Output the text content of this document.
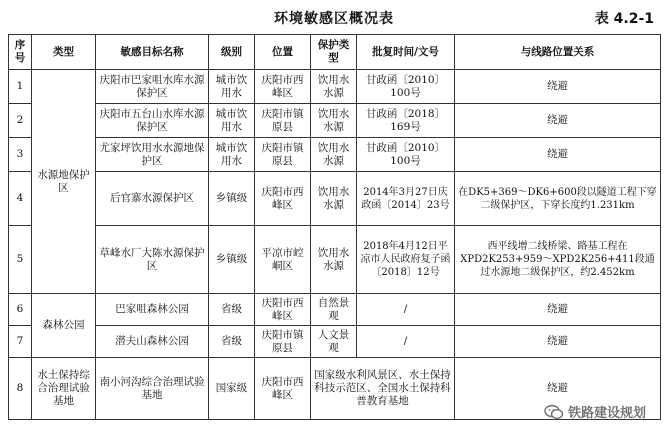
环境敏感区概况表	表 4.2-1
序号	类型	敏感目标名称	级别	位置	保护类型	批复时间/文号	与线路位置关系
1	水源地保护区	庆阳市巴家咀水库水源保护区	城市饮用水	庆阳市西峰区	饮用水水源	甘政函〔2010〕100号	绕避
2		庆阳市五台山水库水源保护区	城市饮用水	庆阳市镇原县	饮用水水源	甘政函〔2018〕169号	绕避
3		尤家坪饮用水水源地保护区	城市饮用水	庆阳市镇原县	饮用水水源	甘政函〔2010〕100号	绕避
4		后官寨水源保护区	乡镇级	庆阳市西峰区	饮用水水源	2014年3月27日庆政函〔2014〕23号	在DK5+369～DK6+600段以隧道工程下穿二级保护区，下穿长度约1.231km
5		草峰水厂大陈水源保护区	乡镇级	平凉市崆峒区	饮用水水源	2018年4月12日平凉市人民政府复子函〔2018〕12号	西平线增二线桥梁、路基工程在XPD2K253+959～XPD2K256+411段通过水源地二级保护区，约2.452km
6	森林公园	巴家咀森林公园	省级	庆阳市西峰区	自然景观	/	绕避
7		潜夫山森林公园	省级	庆阳市镇原县	人文景观	/	绕避
8	水土保持综合治理试验基地	南小河沟综合治理试验基地	国家级	庆阳市西峰区	国家级水利风景区、水土保持科技示范区、全国水土保持科普教育基地		绕避
铁路建设规划
